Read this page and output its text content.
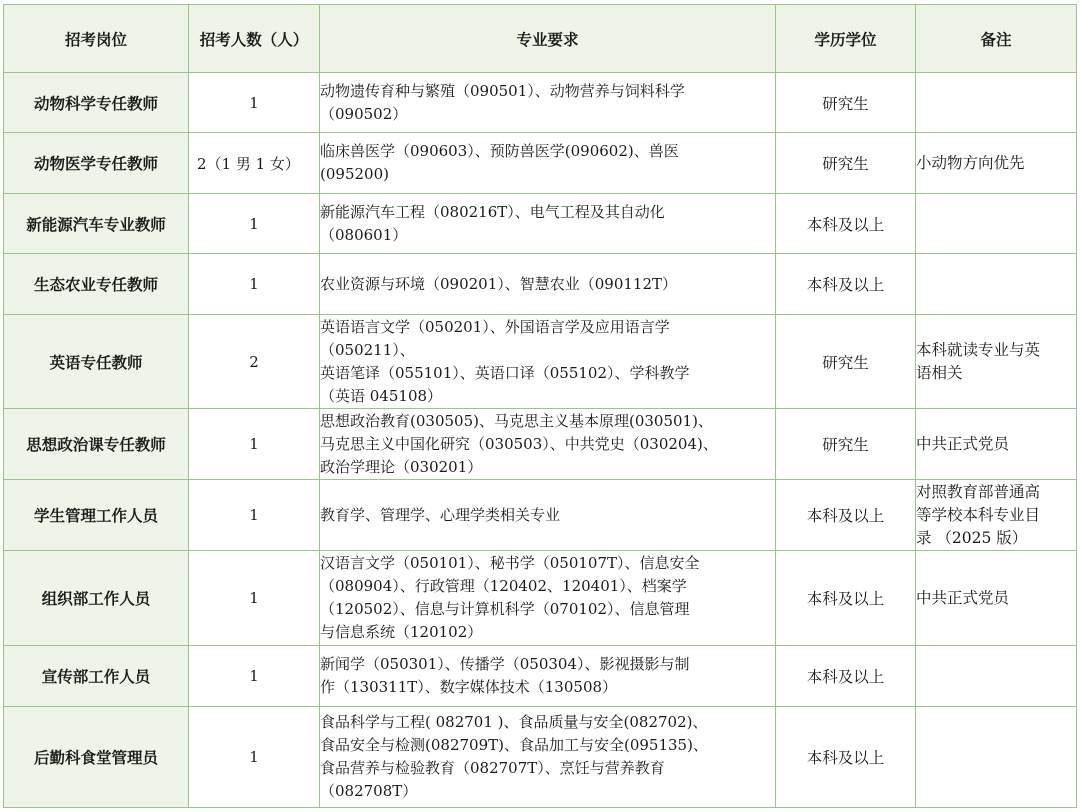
招考岗位	招考人数（人）	专业要求	学历学位	备注
动物科学专任教师	1	动物遗传育种与繁殖（090501）、动物营养与饲料科学
（090502）	研究生	
动物医学专任教师	2（1 男 1 女）	临床兽医学（090603）、预防兽医学(090602)、兽医
(095200)	研究生	小动物方向优先

新能源汽车专业教师	1	新能源汽车工程（080216T）、电气工程及其自动化
（080601）	本科及以上	
生态农业专任教师	1	农业资源与环境（090201）、智慧农业（090112T）	本科及以上	
英语专任教师	2	英语语言文学（050201）、外国语言学及应用语言学
（050211）、
英语笔译（055101）、英语口译（055102）、学科教学
（英语 045108）	研究生	本科就读专业与英
语相关

思想政治课专任教师	1	思想政治教育(030505)、马克思主义基本原理(030501)、
马克思主义中国化研究（030503）、中共党史（030204)、
政治学理论（030201）	研究生	中共正式党员

学生管理工作人员	1	教育学、管理学、心理学类相关专业	本科及以上	对照教育部普通高
等学校本科专业目
录 （2025 版）

组织部工作人员	1	汉语言文学（050101）、秘书学（050107T）、信息安全
（080904）、行政管理（120402、120401）、档案学
（120502）、信息与计算机科学（070102）、信息管理
与信息系统（120102）	本科及以上	中共正式党员

宣传部工作人员	1	新闻学（050301）、传播学（050304）、影视摄影与制
作（130311T）、数字媒体技术（130508）	本科及以上	
后勤科食堂管理员	1	食品科学与工程( 082701 )、食品质量与安全(082702)、
食品安全与检测(082709T)、食品加工与安全(095135)、
食品营养与检验教育（082707T）、烹饪与营养教育
（082708T）	本科及以上	
